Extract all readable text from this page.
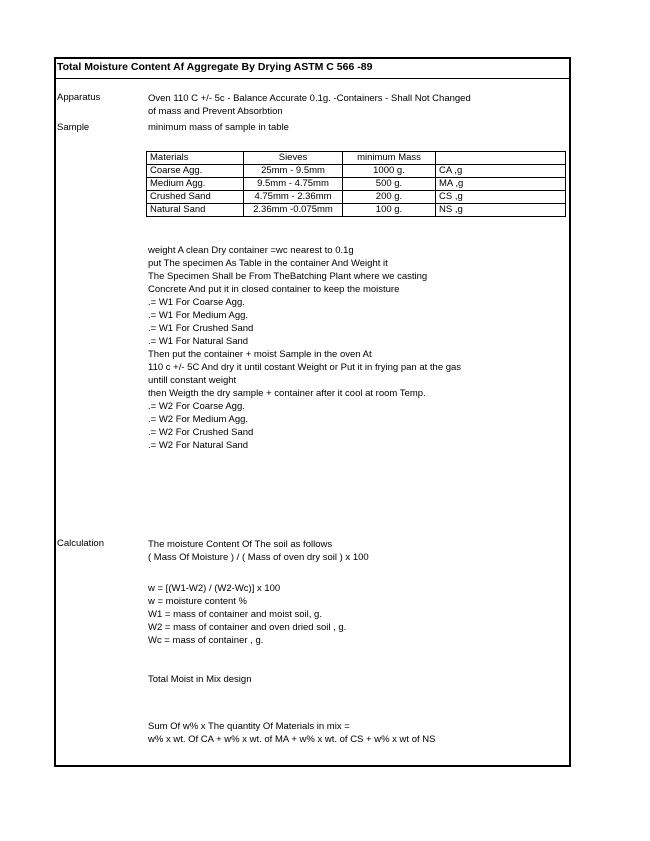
Total Moisture Content Af Aggregate By Drying ASTM C 566 -89
Apparatus	Oven 110 C +/- 5c - Balance Accurate 0.1g. -Containers - Shall Not Changed
of mass and Prevent Absorbtion
Sample	minimum mass of sample in table
Materials	Sieves	minimum Mass	
Coarse Agg.	25mm - 9.5mm	1000 g.	CA ,g
Medium Agg.	9.5mm - 4.75mm	500 g.	MA ,g
Crushed Sand	4.75mm - 2.36mm	200 g.	CS ,g
Natural Sand	2.36mm -0.075mm	100 g.	NS ,g
weight A clean Dry container =wc nearest to 0.1g
put The specimen As Table in the container And Weight it
The Specimen Shall be From TheBatching Plant where we casting
Concrete And put it in closed container to keep the moisture
.= W1 For Coarse Agg.
.= W1 For Medium Agg.
.= W1 For Crushed Sand
.= W1 For Natural Sand
Then put the container + moist Sample in the oven At
110 c +/- 5C And dry it until costant Weight or Put it in frying pan at the gas
untill constant weight
then Weigth the dry sample + container after it cool at room Temp.
.= W2 For Coarse Agg.
.= W2 For Medium Agg.
.= W2 For Crushed Sand
.= W2 For Natural Sand
Calculation	The moisture Content Of The soil as follows
( Mass Of Moisture ) / ( Mass of oven dry soil ) x 100
w = [(W1-W2) / (W2-Wc)] x 100
w = moisture content %
W1 = mass of container and moist soil, g.
W2 = mass of container and oven dried soil , g.
Wc = mass of container , g.
Total Moist in Mix design
Sum Of w% x The quantity Of Materials in mix =
w% x wt. Of CA + w% x wt. of MA + w% x wt. of CS + w% x wt of NS
